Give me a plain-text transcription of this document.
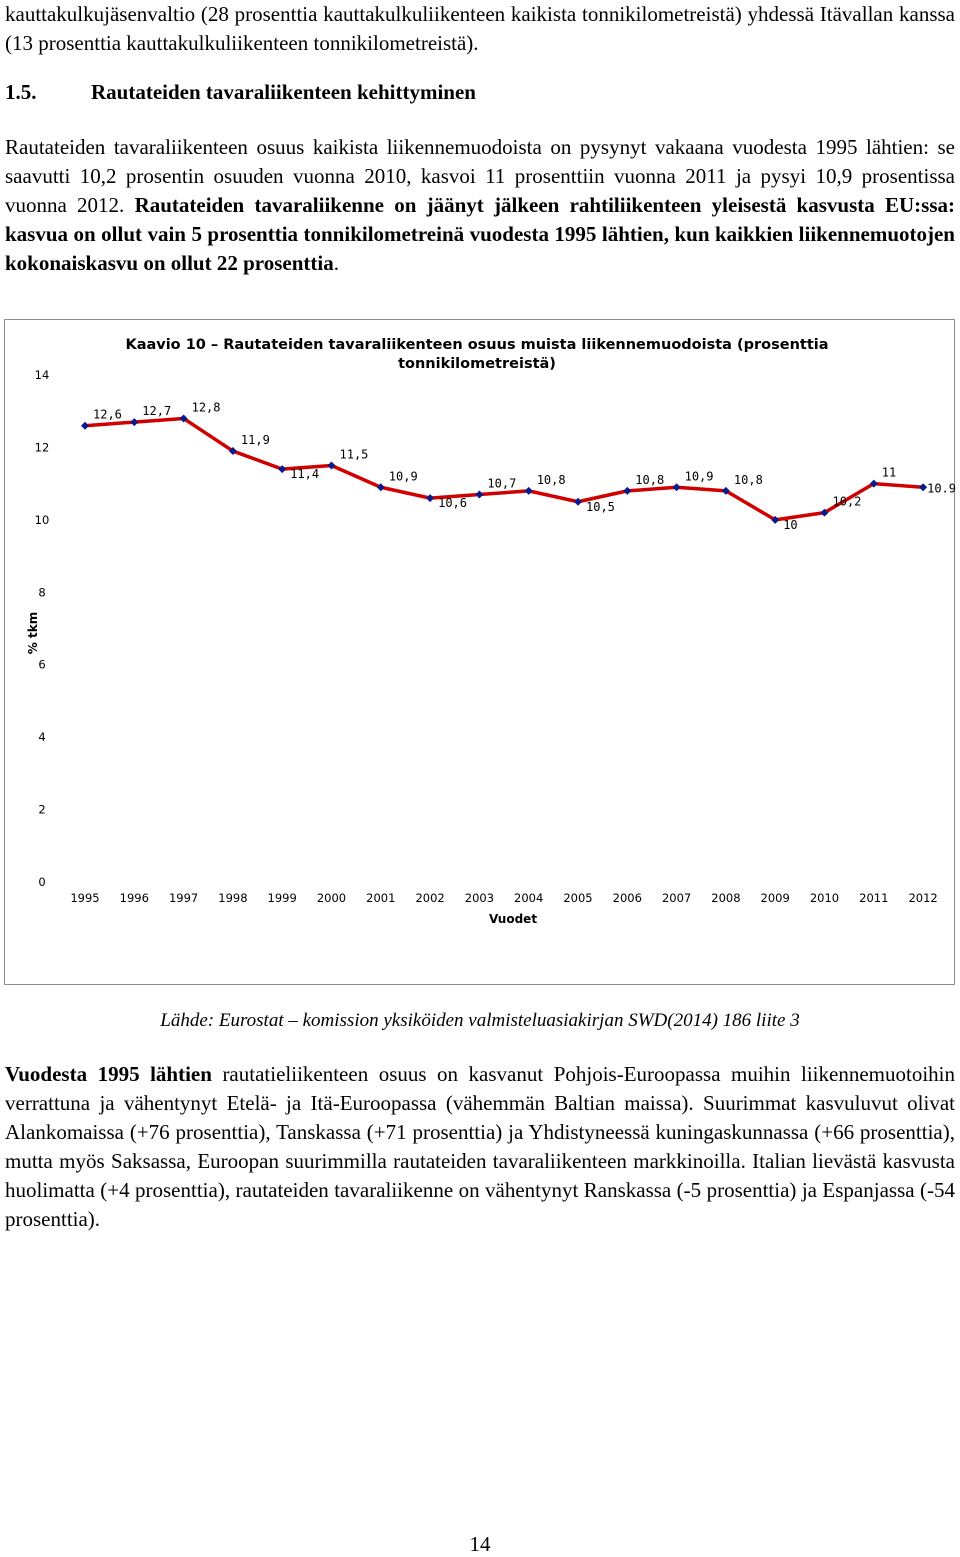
kauttakulkujäsenvaltio (28 prosenttia kauttakulkuliikenteen kaikista tonnikilometreistä) yhdessä Itävallan kanssa (13 prosenttia kauttakulkuliikenteen tonnikilometreistä).

1.5.	Rautateiden tavaraliikenteen kehittyminen

Rautateiden tavaraliikenteen osuus kaikista liikennemuodoista on pysynyt vakaana vuodesta 1995 lähtien: se saavutti 10,2 prosentin osuuden vuonna 2010, kasvoi 11 prosenttiin vuonna 2011 ja pysyi 10,9 prosentissa vuonna 2012. Rautateiden tavaraliikenne on jäänyt jälkeen rahtiliikenteen yleisestä kasvusta EU:ssa: kasvua on ollut vain 5 prosenttia tonnikilometreinä vuodesta 1995 lähtien, kun kaikkien liikennemuotojen kokonaiskasvu on ollut 22 prosenttia.

Kaavio 10 – Rautateiden tavaraliikenteen osuus muista liikennemuodoista (prosenttia tonnikilometreistä)
% tkm
Vuodet
0
2
4
6
8
10
12
14
1995 1996 1997 1998 1999 2000 2001 2002 2003 2004 2005 2006 2007 2008 2009 2010 2011 2012
12,6 12,7 12,8
11,9
11,4
11,5
10,9
10,6
10,7 10,8
10,5
10,8 10,9 10,8
10
10,2
11
10.9
Lähde: Eurostat – komission yksiköiden valmisteluasiakirjan SWD(2014) 186 liite 3

Vuodesta 1995 lähtien rautatieliikenteen osuus on kasvanut Pohjois-Euroopassa muihin liikennemuotoihin verrattuna ja vähentynyt Etelä- ja Itä-Euroopassa (vähemmän Baltian maissa). Suurimmat kasvuluvut olivat Alankomaissa (+76 prosenttia), Tanskassa (+71 prosenttia) ja Yhdistyneessä kuningaskunnassa (+66 prosenttia), mutta myös Saksassa, Euroopan suurimmilla rautateiden tavaraliikenteen markkinoilla. Italian lievästä kasvusta huolimatta (+4 prosenttia), rautateiden tavaraliikenne on vähentynyt Ranskassa (-5 prosenttia) ja Espanjassa (-54 prosenttia).

14
